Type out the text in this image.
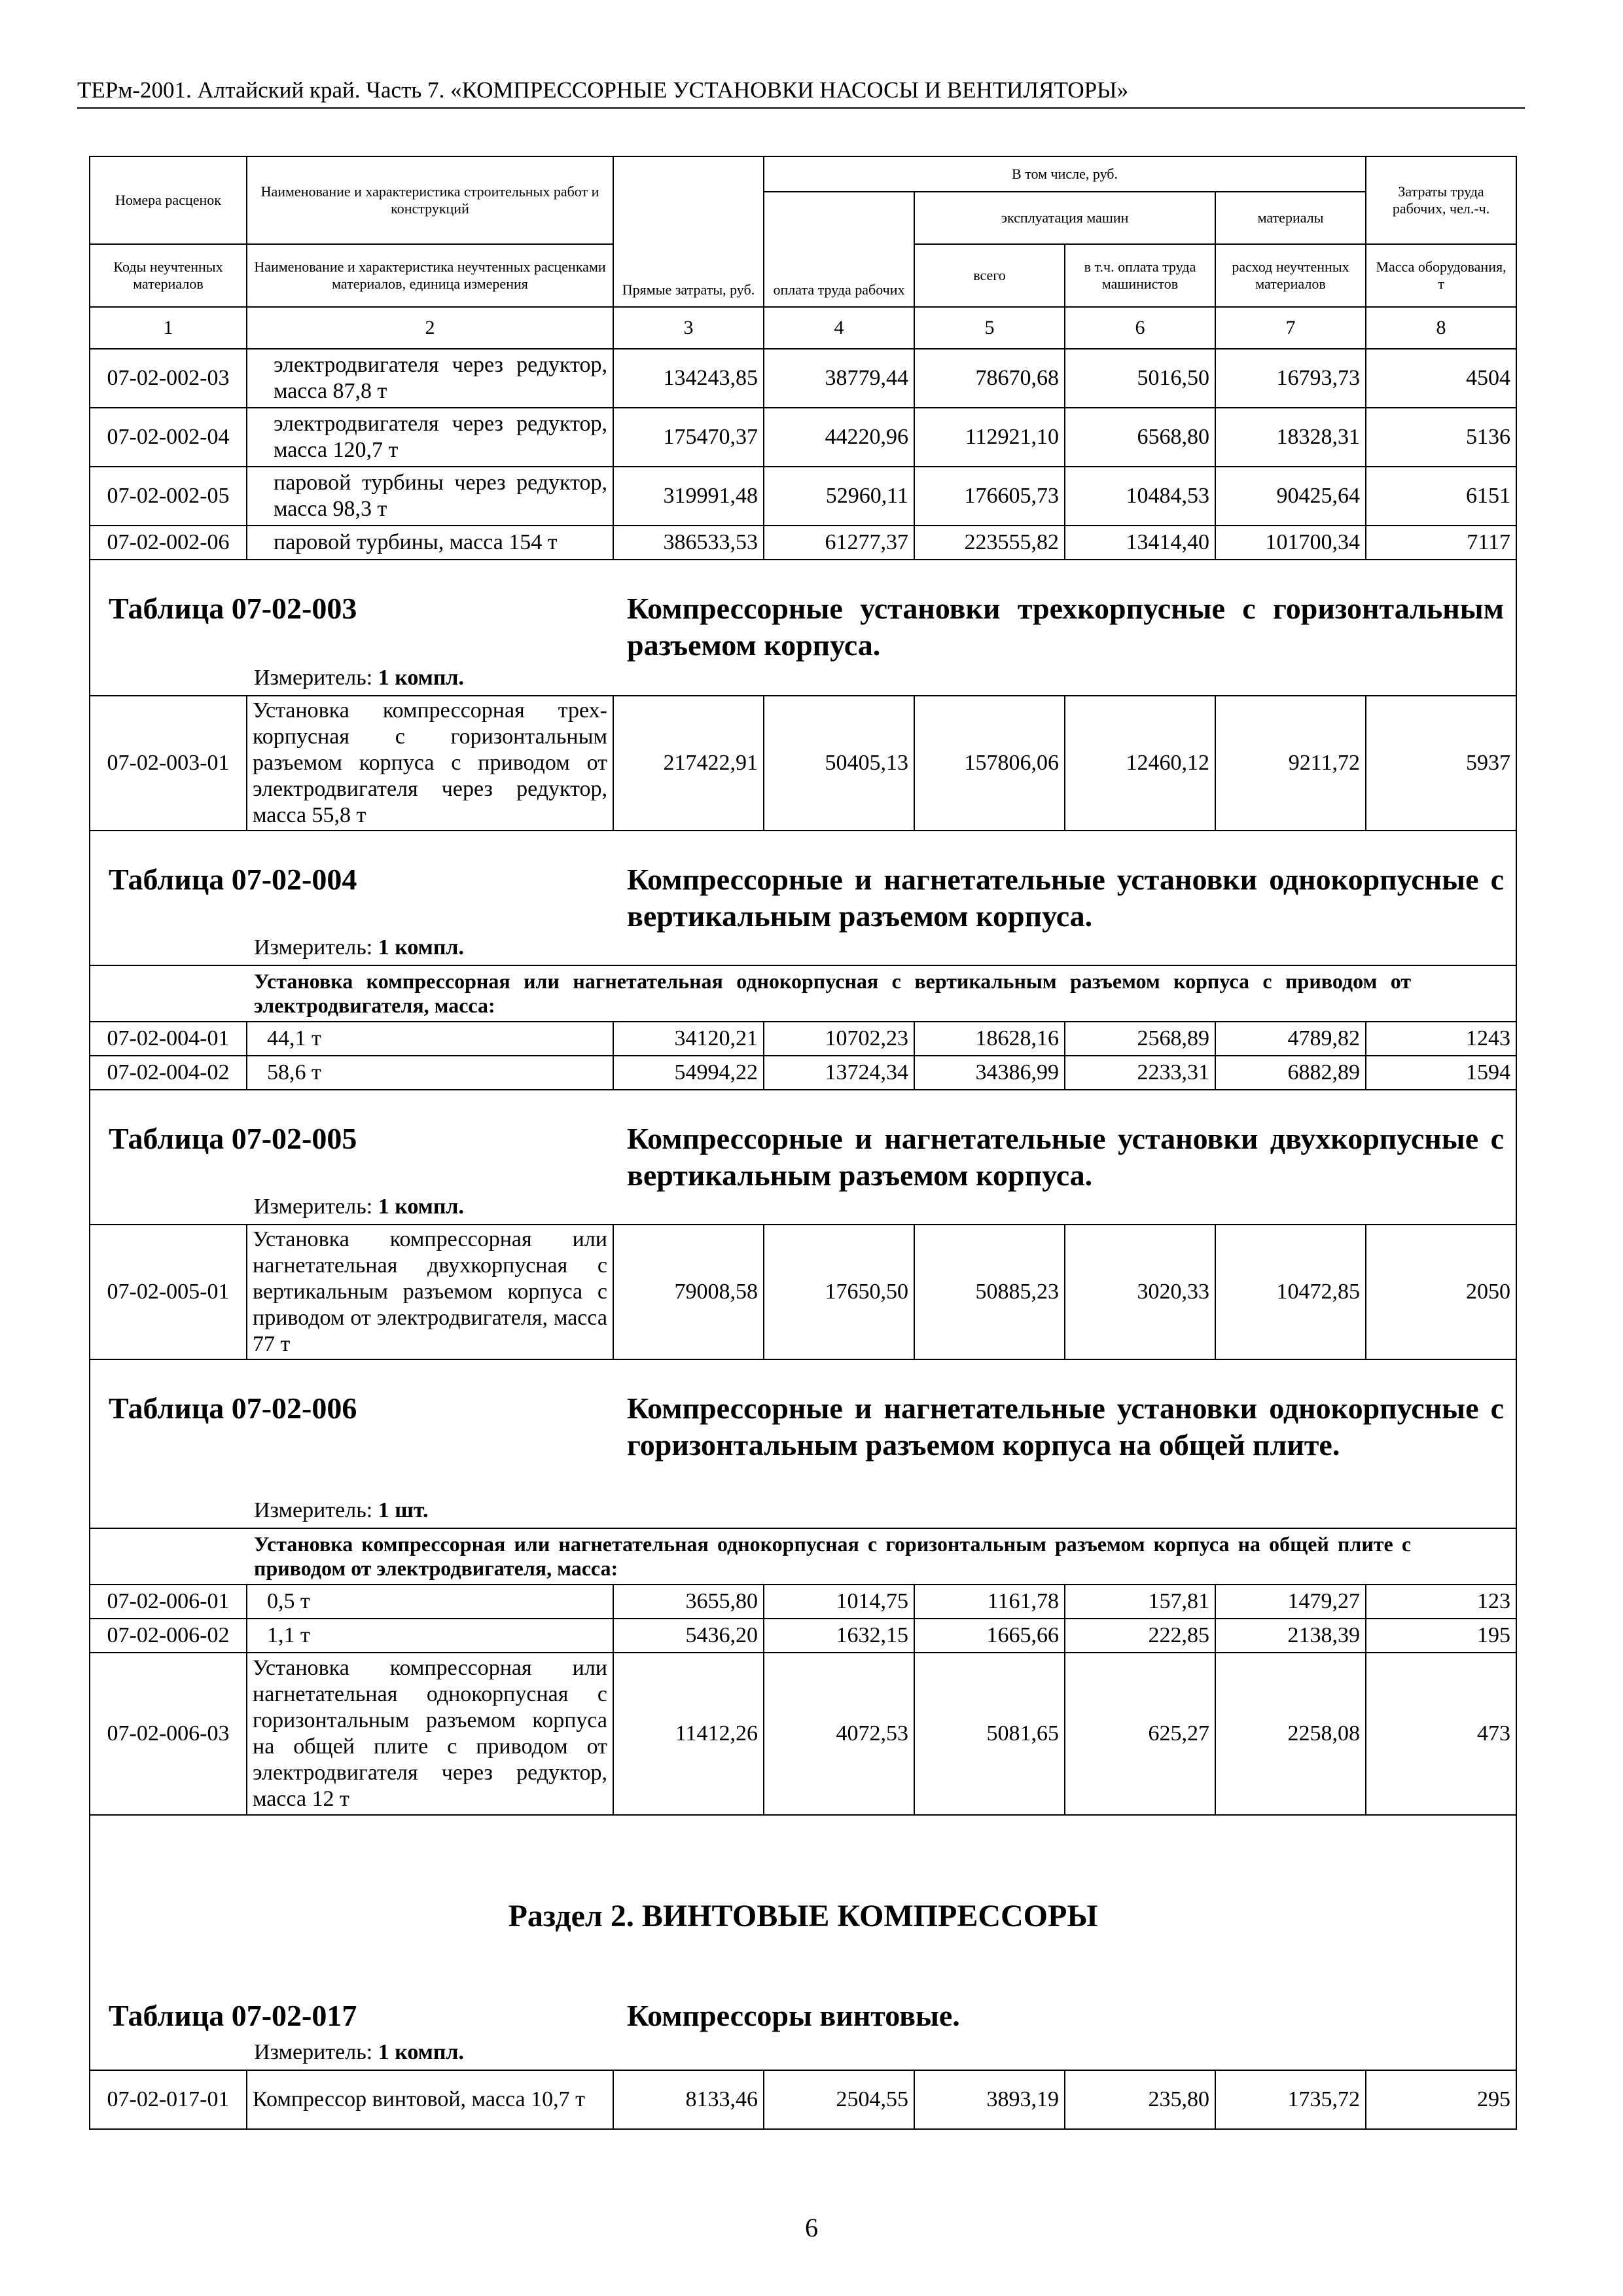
ТЕРм-2001. Алтайский край. Часть 7. «КОМПРЕССОРНЫЕ УСТАНОВКИ НАСОСЫ И ВЕНТИЛЯТОРЫ»
Номера расценок	Наименование и характеристика строительных работ и конструкций	Прямые затраты, руб.	В том числе, руб.				Затраты труда рабочих, чел.-ч.
			оплата труда рабочих	эксплуатация машин		материалы	
Коды неучтенных материалов	Наименование и характеристика неучтенных расценками материалов, единица измерения			всего	в т.ч. оплата труда машинистов	расход неучтенных материалов	Масса оборудования, т

1	2	3	4	5	6	7	8
07-02-002-03	электродвигателя через редуктор, масса 87,8 т	134243,85	38779,44	78670,68	5016,50	16793,73	4504
07-02-002-04	электродвигателя через редуктор, масса 120,7 т	175470,37	44220,96	112921,10	6568,80	18328,31	5136
07-02-002-05	паровой турбины через редуктор, масса 98,3 т	319991,48	52960,11	176605,73	10484,53	90425,64	6151
07-02-002-06	паровой турбины, масса 154 т	386533,53	61277,37	223555,82	13414,40	101700,34	7117

Таблица 07-02-003 Компрессорные установки трехкорпусные с горизонтальным разъемом корпуса.
Измеритель: 1 компл.							

07-02-003-01	Установка компрессорная трехкорпусная с горизонтальным разъемом корпуса с приводом от электродвигателя через редуктор, масса 55,8 т	217422,91	50405,13	157806,06	12460,12	9211,72	5937

Таблица 07-02-004 Компрессорные и нагнетательные установки однокорпусные с вертикальным разъемом корпуса.
Измеритель: 1 компл.							

Установка компрессорная или нагнетательная однокорпусная с вертикальным разъемом корпуса с приводом от электродвигателя, масса:							
07-02-004-01	44,1 т	34120,21	10702,23	18628,16	2568,89	4789,82	1243
07-02-004-02	58,6 т	54994,22	13724,34	34386,99	2233,31	6882,89	1594

Таблица 07-02-005 Компрессорные и нагнетательные установки двухкорпусные с вертикальным разъемом корпуса.
Измеритель: 1 компл.							

07-02-005-01	Установка компрессорная или нагнетательная двухкорпусная с вертикальным разъемом корпуса с приводом от электродвигателя, масса 77 т	79008,58	17650,50	50885,23	3020,33	10472,85	2050

Таблица 07-02-006 Компрессорные и нагнетательные установки однокорпусные с горизонтальным разъемом корпуса на общей плите.
Измеритель: 1 шт.							

Установка компрессорная или нагнетательная однокорпусная с горизонтальным разъемом корпуса на общей плите с приводом от электродвигателя, масса:							
07-02-006-01	0,5 т	3655,80	1014,75	1161,78	157,81	1479,27	123
07-02-006-02	1,1 т	5436,20	1632,15	1665,66	222,85	2138,39	195
07-02-006-03	Установка компрессорная или нагнетательная однокорпусная с горизонтальным разъемом корпуса на общей плите с приводом от электродвигателя через редуктор, масса 12 т	11412,26	4072,53	5081,65	625,27	2258,08	473

Раздел 2. ВИНТОВЫЕ КОМПРЕССОРЫ
Таблица 07-02-017 Компрессоры винтовые.
Измеритель: 1 компл.							

07-02-017-01	Компрессор винтовой, масса 10,7 т	8133,46	2504,55	3893,19	235,80	1735,72	295
6
